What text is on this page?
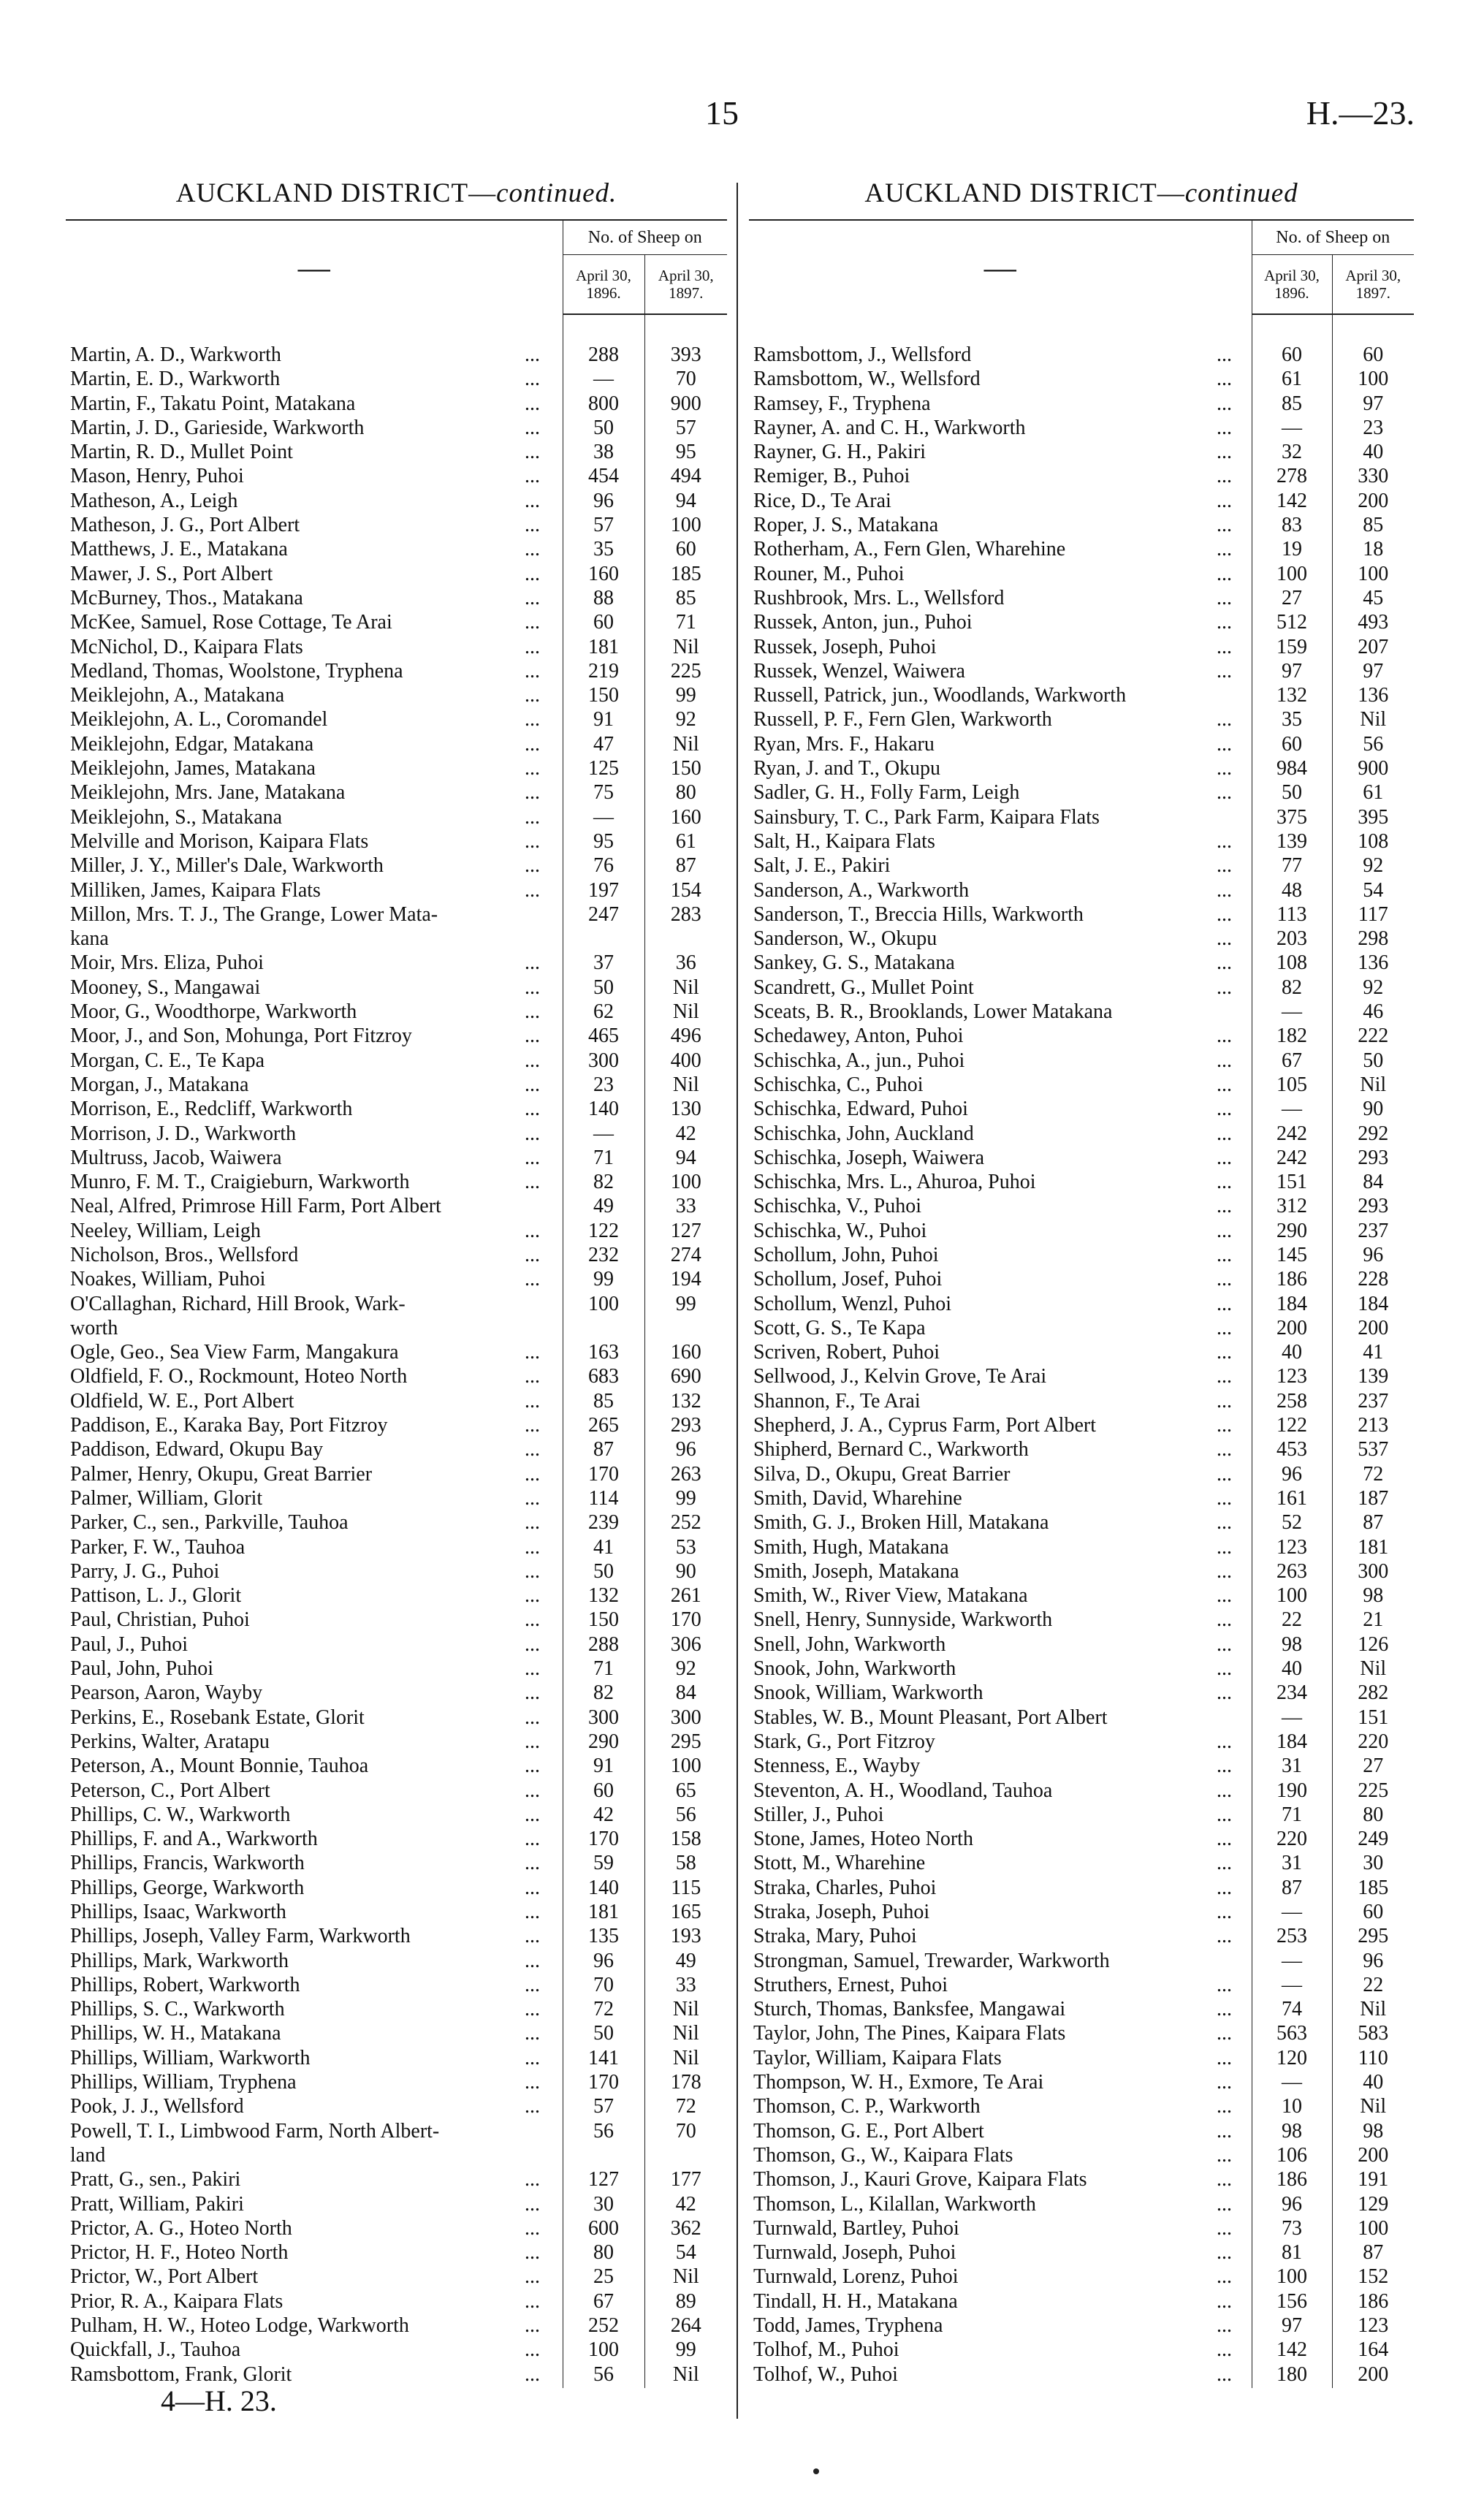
15	H.—23.
AUCKLAND DISTRICT—continued.
—		No. of Sheep on	
		April 30, 1896.	April 30, 1897.

Martin, A. D., Warkworth	...	288	393
Martin, E. D., Warkworth	...	—	70
Martin, F., Takatu Point, Matakana	...	800	900
Martin, J. D., Garieside, Warkworth	...	50	57
Martin, R. D., Mullet Point	...	38	95
Mason, Henry, Puhoi	...	454	494
Matheson, A., Leigh	...	96	94
Matheson, J. G., Port Albert	...	57	100
Matthews, J. E., Matakana	...	35	60
Mawer, J. S., Port Albert	...	160	185
McBurney, Thos., Matakana	...	88	85
McKee, Samuel, Rose Cottage, Te Arai	...	60	71
McNichol, D., Kaipara Flats	...	181	Nil
Medland, Thomas, Woolstone, Tryphena	...	219	225
Meiklejohn, A., Matakana	...	150	99
Meiklejohn, A. L., Coromandel	...	91	92
Meiklejohn, Edgar, Matakana	...	47	Nil
Meiklejohn, James, Matakana	...	125	150
Meiklejohn, Mrs. Jane, Matakana	...	75	80
Meiklejohn, S., Matakana	...	—	160
Melville and Morison, Kaipara Flats	...	95	61
Miller, J. Y., Miller's Dale, Warkworth	...	76	87
Milliken, James, Kaipara Flats	...	197	154
Millon, Mrs. T. J., The Grange, Lower Mata-		247	283
kana			
Moir, Mrs. Eliza, Puhoi	...	37	36
Mooney, S., Mangawai	...	50	Nil
Moor, G., Woodthorpe, Warkworth	...	62	Nil
Moor, J., and Son, Mohunga, Port Fitzroy	...	465	496
Morgan, C. E., Te Kapa	...	300	400
Morgan, J., Matakana	...	23	Nil
Morrison, E., Redcliff, Warkworth	...	140	130
Morrison, J. D., Warkworth	...	—	42
Multruss, Jacob, Waiwera	...	71	94
Munro, F. M. T., Craigieburn, Warkworth	...	82	100
Neal, Alfred, Primrose Hill Farm, Port Albert		49	33
Neeley, William, Leigh	...	122	127
Nicholson, Bros., Wellsford	...	232	274
Noakes, William, Puhoi	...	99	194
O'Callaghan, Richard, Hill Brook, Wark-		100	99
worth			
Ogle, Geo., Sea View Farm, Mangakura	...	163	160
Oldfield, F. O., Rockmount, Hoteo North	...	683	690
Oldfield, W. E., Port Albert	...	85	132
Paddison, E., Karaka Bay, Port Fitzroy	...	265	293
Paddison, Edward, Okupu Bay	...	87	96
Palmer, Henry, Okupu, Great Barrier	...	170	263
Palmer, William, Glorit	...	114	99
Parker, C., sen., Parkville, Tauhoa	...	239	252
Parker, F. W., Tauhoa	...	41	53
Parry, J. G., Puhoi	...	50	90
Pattison, L. J., Glorit	...	132	261
Paul, Christian, Puhoi	...	150	170
Paul, J., Puhoi	...	288	306
Paul, John, Puhoi	...	71	92
Pearson, Aaron, Wayby	...	82	84
Perkins, E., Rosebank Estate, Glorit	...	300	300
Perkins, Walter, Aratapu	...	290	295
Peterson, A., Mount Bonnie, Tauhoa	...	91	100
Peterson, C., Port Albert	...	60	65
Phillips, C. W., Warkworth	...	42	56
Phillips, F. and A., Warkworth	...	170	158
Phillips, Francis, Warkworth	...	59	58
Phillips, George, Warkworth	...	140	115
Phillips, Isaac, Warkworth	...	181	165
Phillips, Joseph, Valley Farm, Warkworth	...	135	193
Phillips, Mark, Warkworth	...	96	49
Phillips, Robert, Warkworth	...	70	33
Phillips, S. C., Warkworth	...	72	Nil
Phillips, W. H., Matakana	...	50	Nil
Phillips, William, Warkworth	...	141	Nil
Phillips, William, Tryphena	...	170	178
Pook, J. J., Wellsford	...	57	72
Powell, T. I., Limbwood Farm, North Albert-		56	70
land			
Pratt, G., sen., Pakiri	...	127	177
Pratt, William, Pakiri	...	30	42
Prictor, A. G., Hoteo North	...	600	362
Prictor, H. F., Hoteo North	...	80	54
Prictor, W., Port Albert	...	25	Nil
Prior, R. A., Kaipara Flats	...	67	89
Pulham, H. W., Hoteo Lodge, Warkworth	...	252	264
Quickfall, J., Tauhoa	...	100	99
Ramsbottom, Frank, Glorit	...	56	Nil
AUCKLAND DISTRICT—continued
—		No. of Sheep on	
		April 30, 1896.	April 30, 1897.

Ramsbottom, J., Wellsford	...	60	60
Ramsbottom, W., Wellsford	...	61	100
Ramsey, F., Tryphena	...	85	97
Rayner, A. and C. H., Warkworth	...	—	23
Rayner, G. H., Pakiri	...	32	40
Remiger, B., Puhoi	...	278	330
Rice, D., Te Arai	...	142	200
Roper, J. S., Matakana	...	83	85
Rotherham, A., Fern Glen, Wharehine	...	19	18
Rouner, M., Puhoi	...	100	100
Rushbrook, Mrs. L., Wellsford	...	27	45
Russek, Anton, jun., Puhoi	...	512	493
Russek, Joseph, Puhoi	...	159	207
Russek, Wenzel, Waiwera	...	97	97
Russell, Patrick, jun., Woodlands, Warkworth		132	136
Russell, P. F., Fern Glen, Warkworth	...	35	Nil
Ryan, Mrs. F., Hakaru	...	60	56
Ryan, J. and T., Okupu	...	984	900
Sadler, G. H., Folly Farm, Leigh	...	50	61
Sainsbury, T. C., Park Farm, Kaipara Flats		375	395
Salt, H., Kaipara Flats	...	139	108
Salt, J. E., Pakiri	...	77	92
Sanderson, A., Warkworth	...	48	54
Sanderson, T., Breccia Hills, Warkworth	...	113	117
Sanderson, W., Okupu	...	203	298
Sankey, G. S., Matakana	...	108	136
Scandrett, G., Mullet Point	...	82	92
Sceats, B. R., Brooklands, Lower Matakana		—	46
Schedawey, Anton, Puhoi	...	182	222
Schischka, A., jun., Puhoi	...	67	50
Schischka, C., Puhoi	...	105	Nil
Schischka, Edward, Puhoi	...	—	90
Schischka, John, Auckland	...	242	292
Schischka, Joseph, Waiwera	...	242	293
Schischka, Mrs. L., Ahuroa, Puhoi	...	151	84
Schischka, V., Puhoi	...	312	293
Schischka, W., Puhoi	...	290	237
Schollum, John, Puhoi	...	145	96
Schollum, Josef, Puhoi	...	186	228
Schollum, Wenzl, Puhoi	...	184	184
Scott, G. S., Te Kapa	...	200	200
Scriven, Robert, Puhoi	...	40	41
Sellwood, J., Kelvin Grove, Te Arai	...	123	139
Shannon, F., Te Arai	...	258	237
Shepherd, J. A., Cyprus Farm, Port Albert	...	122	213
Shipherd, Bernard C., Warkworth	...	453	537
Silva, D., Okupu, Great Barrier	...	96	72
Smith, David, Wharehine	...	161	187
Smith, G. J., Broken Hill, Matakana	...	52	87
Smith, Hugh, Matakana	...	123	181
Smith, Joseph, Matakana	...	263	300
Smith, W., River View, Matakana	...	100	98
Snell, Henry, Sunnyside, Warkworth	...	22	21
Snell, John, Warkworth	...	98	126
Snook, John, Warkworth	...	40	Nil
Snook, William, Warkworth	...	234	282
Stables, W. B., Mount Pleasant, Port Albert		—	151
Stark, G., Port Fitzroy	...	184	220
Stenness, E., Wayby	...	31	27
Steventon, A. H., Woodland, Tauhoa	...	190	225
Stiller, J., Puhoi	...	71	80
Stone, James, Hoteo North	...	220	249
Stott, M., Wharehine	...	31	30
Straka, Charles, Puhoi	...	87	185
Straka, Joseph, Puhoi	...	—	60
Straka, Mary, Puhoi	...	253	295
Strongman, Samuel, Trewarder, Warkworth		—	96
Struthers, Ernest, Puhoi	...	—	22
Sturch, Thomas, Banksfee, Mangawai	...	74	Nil
Taylor, John, The Pines, Kaipara Flats	...	563	583
Taylor, William, Kaipara Flats	...	120	110
Thompson, W. H., Exmore, Te Arai	...	—	40
Thomson, C. P., Warkworth	...	10	Nil
Thomson, G. E., Port Albert	...	98	98
Thomson, G., W., Kaipara Flats	...	106	200
Thomson, J., Kauri Grove, Kaipara Flats	...	186	191
Thomson, L., Kilallan, Warkworth	...	96	129
Turnwald, Bartley, Puhoi	...	73	100
Turnwald, Joseph, Puhoi	...	81	87
Turnwald, Lorenz, Puhoi	...	100	152
Tindall, H. H., Matakana	...	156	186
Todd, James, Tryphena	...	97	123
Tolhof, M., Puhoi	...	142	164
Tolhof, W., Puhoi	...	180	200
4—H. 23.
